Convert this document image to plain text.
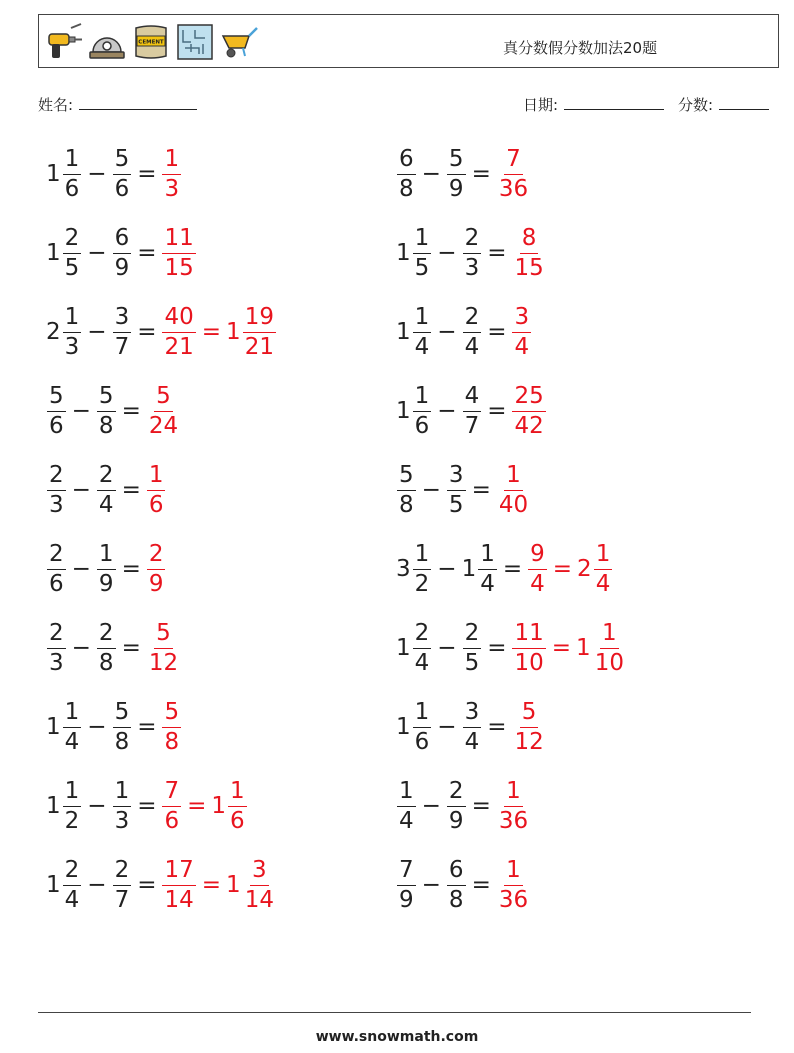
CEMENT	真分数假分数加法20题
姓名:	日期:	分数:
$1 \frac{1}{6} - \frac{5}{6} = \frac{1}{3}$	$\frac{6}{8} - \frac{5}{9} = \frac{7}{36}$
$1 \frac{2}{5} - \frac{6}{9} = \frac{11}{15}$	$1 \frac{1}{5} - \frac{2}{3} = \frac{8}{15}$
$2 \frac{1}{3} - \frac{3}{7} = \frac{40}{21} = 1 \frac{19}{21}$	$1 \frac{1}{4} - \frac{2}{4} = \frac{3}{4}$
$\frac{5}{6} - \frac{5}{8} = \frac{5}{24}$	$1 \frac{1}{6} - \frac{4}{7} = \frac{25}{42}$
$\frac{2}{3} - \frac{2}{4} = \frac{1}{6}$	$\frac{5}{8} - \frac{3}{5} = \frac{1}{40}$
$\frac{2}{6} - \frac{1}{9} = \frac{2}{9}$	$3 \frac{1}{2} - 1 \frac{1}{4} = \frac{9}{4} = 2 \frac{1}{4}$
$\frac{2}{3} - \frac{2}{8} = \frac{5}{12}$	$1 \frac{2}{4} - \frac{2}{5} = \frac{11}{10} = 1 \frac{1}{10}$
$1 \frac{1}{4} - \frac{5}{8} = \frac{5}{8}$	$1 \frac{1}{6} - \frac{3}{4} = \frac{5}{12}$
$1 \frac{1}{2} - \frac{1}{3} = \frac{7}{6} = 1 \frac{1}{6}$	$\frac{1}{4} - \frac{2}{9} = \frac{1}{36}$
$1 \frac{2}{4} - \frac{2}{7} = \frac{17}{14} = 1 \frac{3}{14}$	$\frac{7}{9} - \frac{6}{8} = \frac{1}{36}$
www.snowmath.com
